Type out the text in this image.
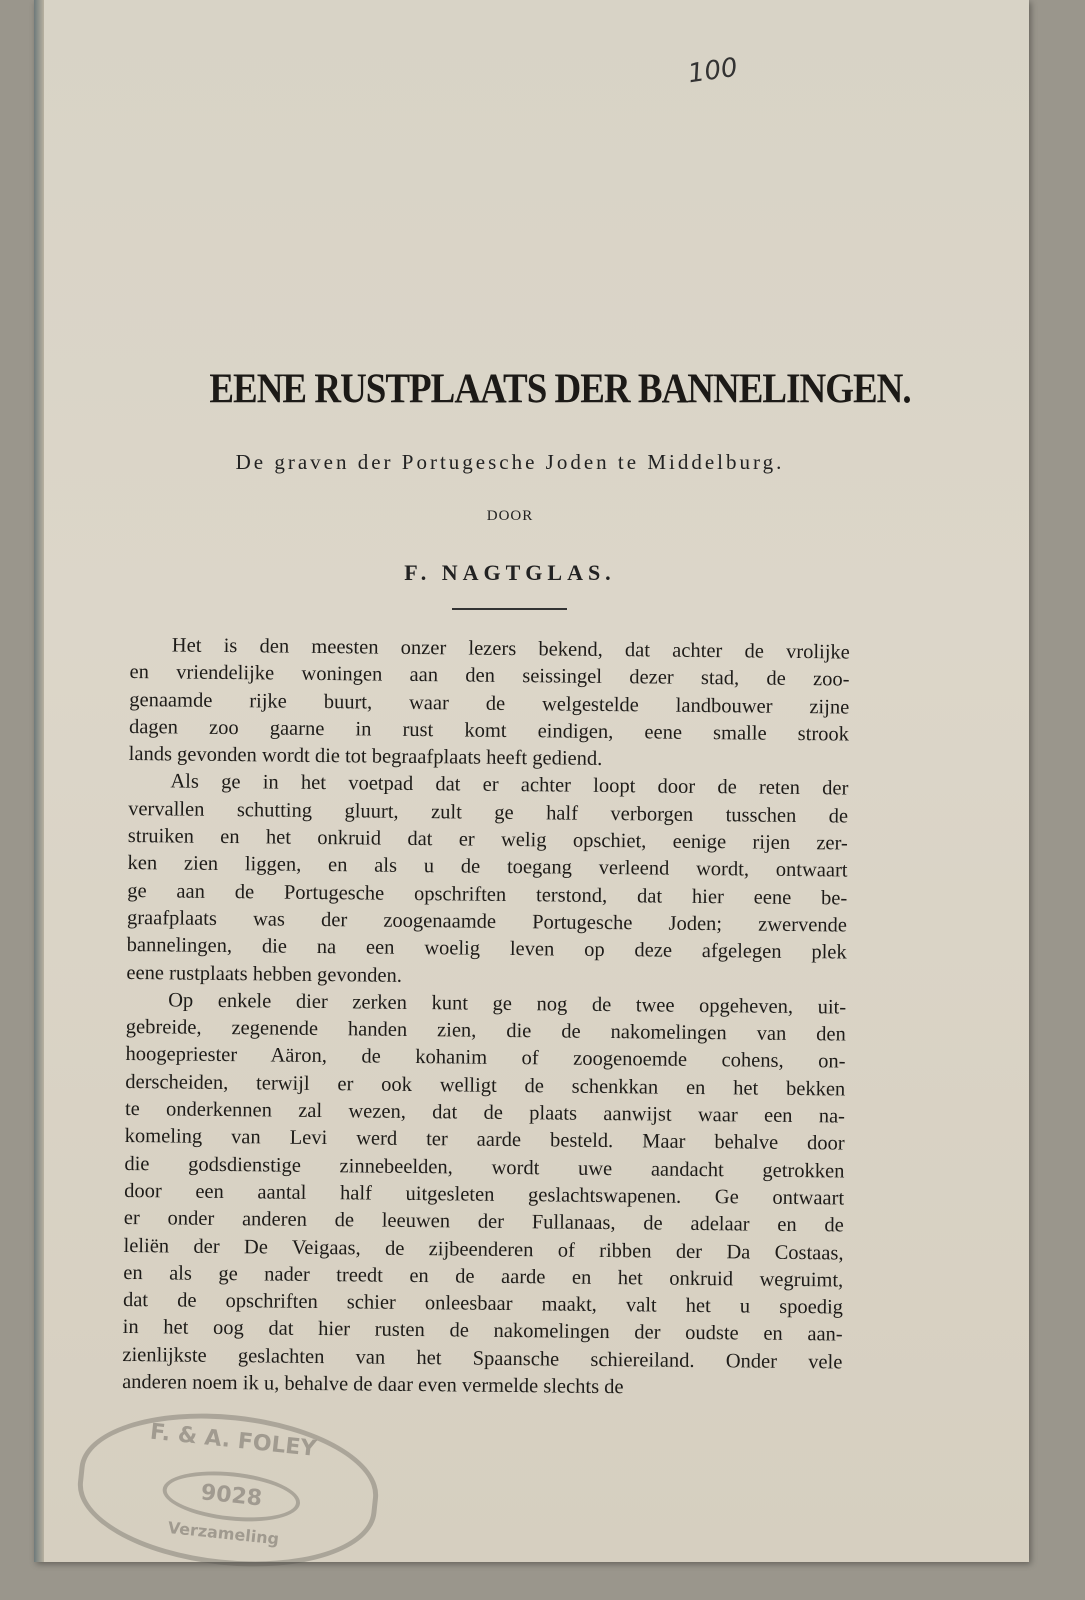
100
EENE RUSTPLAATS DER BANNELINGEN.
De graven der Portugesche Joden te Middelburg.
DOOR
F. NAGTGLAS.
Het is den meesten onzer lezers bekend, dat achter de vrolijke
en vriendelijke woningen aan den seissingel dezer stad, de zoo-
genaamde rijke buurt, waar de welgestelde landbouwer zijne
dagen zoo gaarne in rust komt eindigen, eene smalle strook
lands gevonden wordt die tot begraafplaats heeft gediend.
Als ge in het voetpad dat er achter loopt door de reten der
vervallen schutting gluurt, zult ge half verborgen tusschen de
struiken en het onkruid dat er welig opschiet, eenige rijen zer-
ken zien liggen, en als u de toegang verleend wordt, ontwaart
ge aan de Portugesche opschriften terstond, dat hier eene be-
graafplaats was der zoogenaamde Portugesche Joden; zwervende
bannelingen, die na een woelig leven op deze afgelegen plek
eene rustplaats hebben gevonden.
Op enkele dier zerken kunt ge nog de twee opgeheven, uit-
gebreide, zegenende handen zien, die de nakomelingen van den
hoogepriester Aäron, de kohanim of zoogenoemde cohens, on-
derscheiden, terwijl er ook welligt de schenkkan en het bekken
te onderkennen zal wezen, dat de plaats aanwijst waar een na-
komeling van Levi werd ter aarde besteld. Maar behalve door
die godsdienstige zinnebeelden, wordt uwe aandacht getrokken
door een aantal half uitgesleten geslachtswapenen. Ge ontwaart
er onder anderen de leeuwen der Fullanaas, de adelaar en de
leliën der De Veigaas, de zijbeenderen of ribben der Da Costaas,
en als ge nader treedt en de aarde en het onkruid wegruimt,
dat de opschriften schier onleesbaar maakt, valt het u spoedig
in het oog dat hier rusten de nakomelingen der oudste en aan-
zienlijkste geslachten van het Spaansche schiereiland. Onder vele
anderen noem ik u, behalve de daar even vermelde slechts de
F. & A. FOLEY
9028
Verzameling
